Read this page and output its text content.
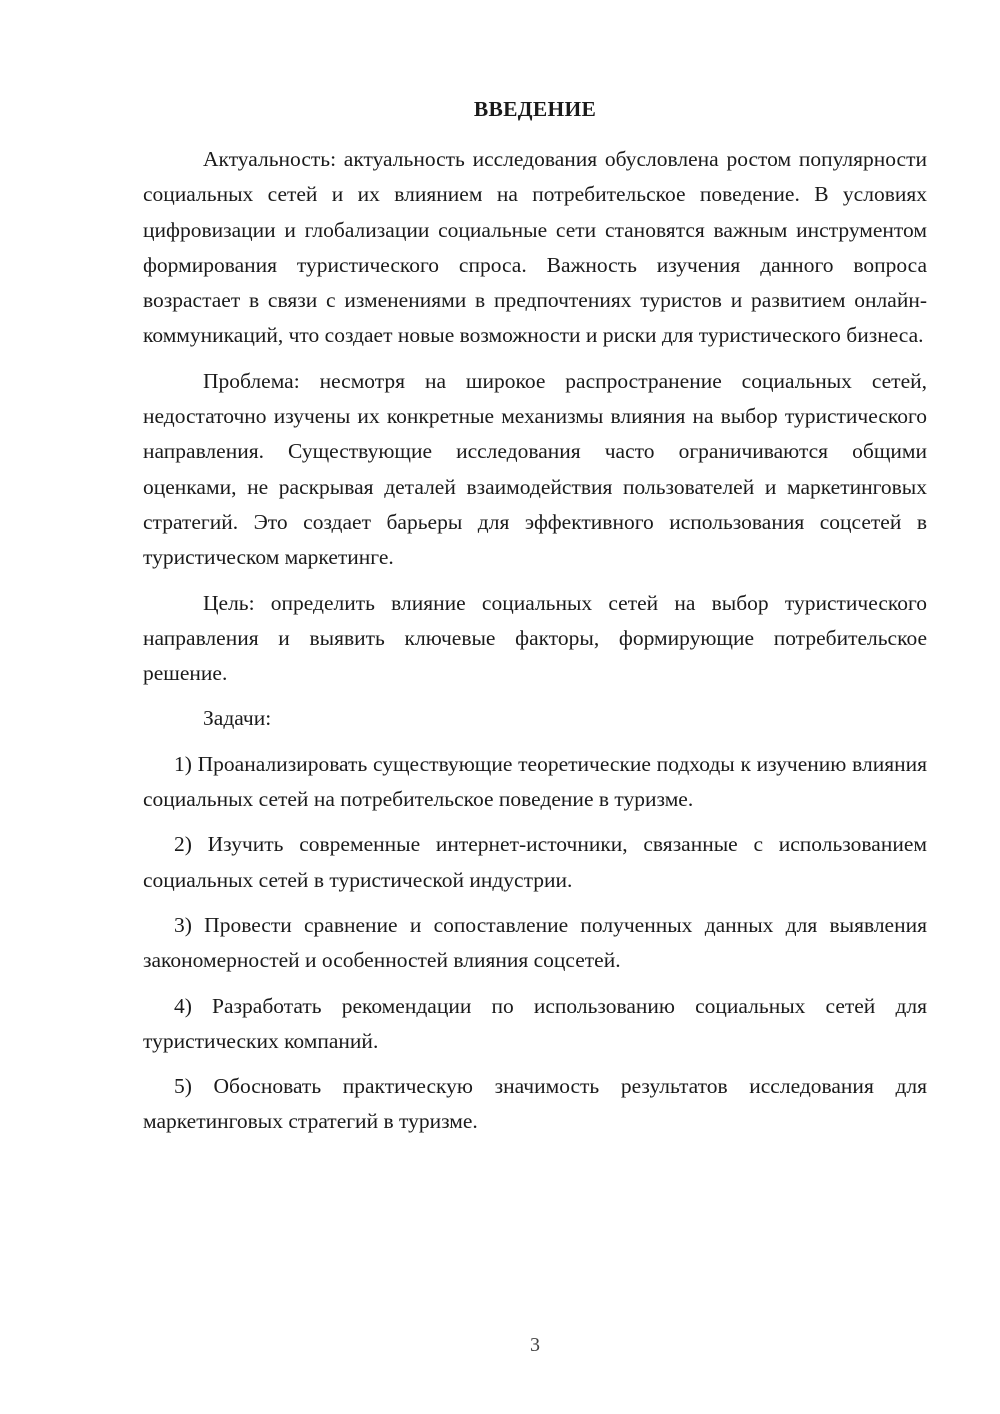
ВВЕДЕНИЕ

Актуальность: актуальность исследования обусловлена ростом популярности социальных сетей и их влиянием на потребительское поведение. В условиях цифровизации и глобализации социальные сети становятся важным инструментом формирования туристического спроса. Важность изучения данного вопроса возрастает в связи с изменениями в предпочтениях туристов и развитием онлайн-коммуникаций, что создает новые возможности и риски для туристического бизнеса.

Проблема: несмотря на широкое распространение социальных сетей, недостаточно изучены их конкретные механизмы влияния на выбор туристического направления. Существующие исследования часто ограничиваются общими оценками, не раскрывая деталей взаимодействия пользователей и маркетинговых стратегий. Это создает барьеры для эффективного использования соцсетей в туристическом маркетинге.

Цель: определить влияние социальных сетей на выбор туристического направления и выявить ключевые факторы, формирующие потребительское решение.

Задачи:

1) Проанализировать существующие теоретические подходы к изучению влияния социальных сетей на потребительское поведение в туризме.

2) Изучить современные интернет-источники, связанные с использованием социальных сетей в туристической индустрии.

3) Провести сравнение и сопоставление полученных данных для выявления закономерностей и особенностей влияния соцсетей.

4) Разработать рекомендации по использованию социальных сетей для туристических компаний.

5) Обосновать практическую значимость результатов исследования для маркетинговых стратегий в туризме.

3
